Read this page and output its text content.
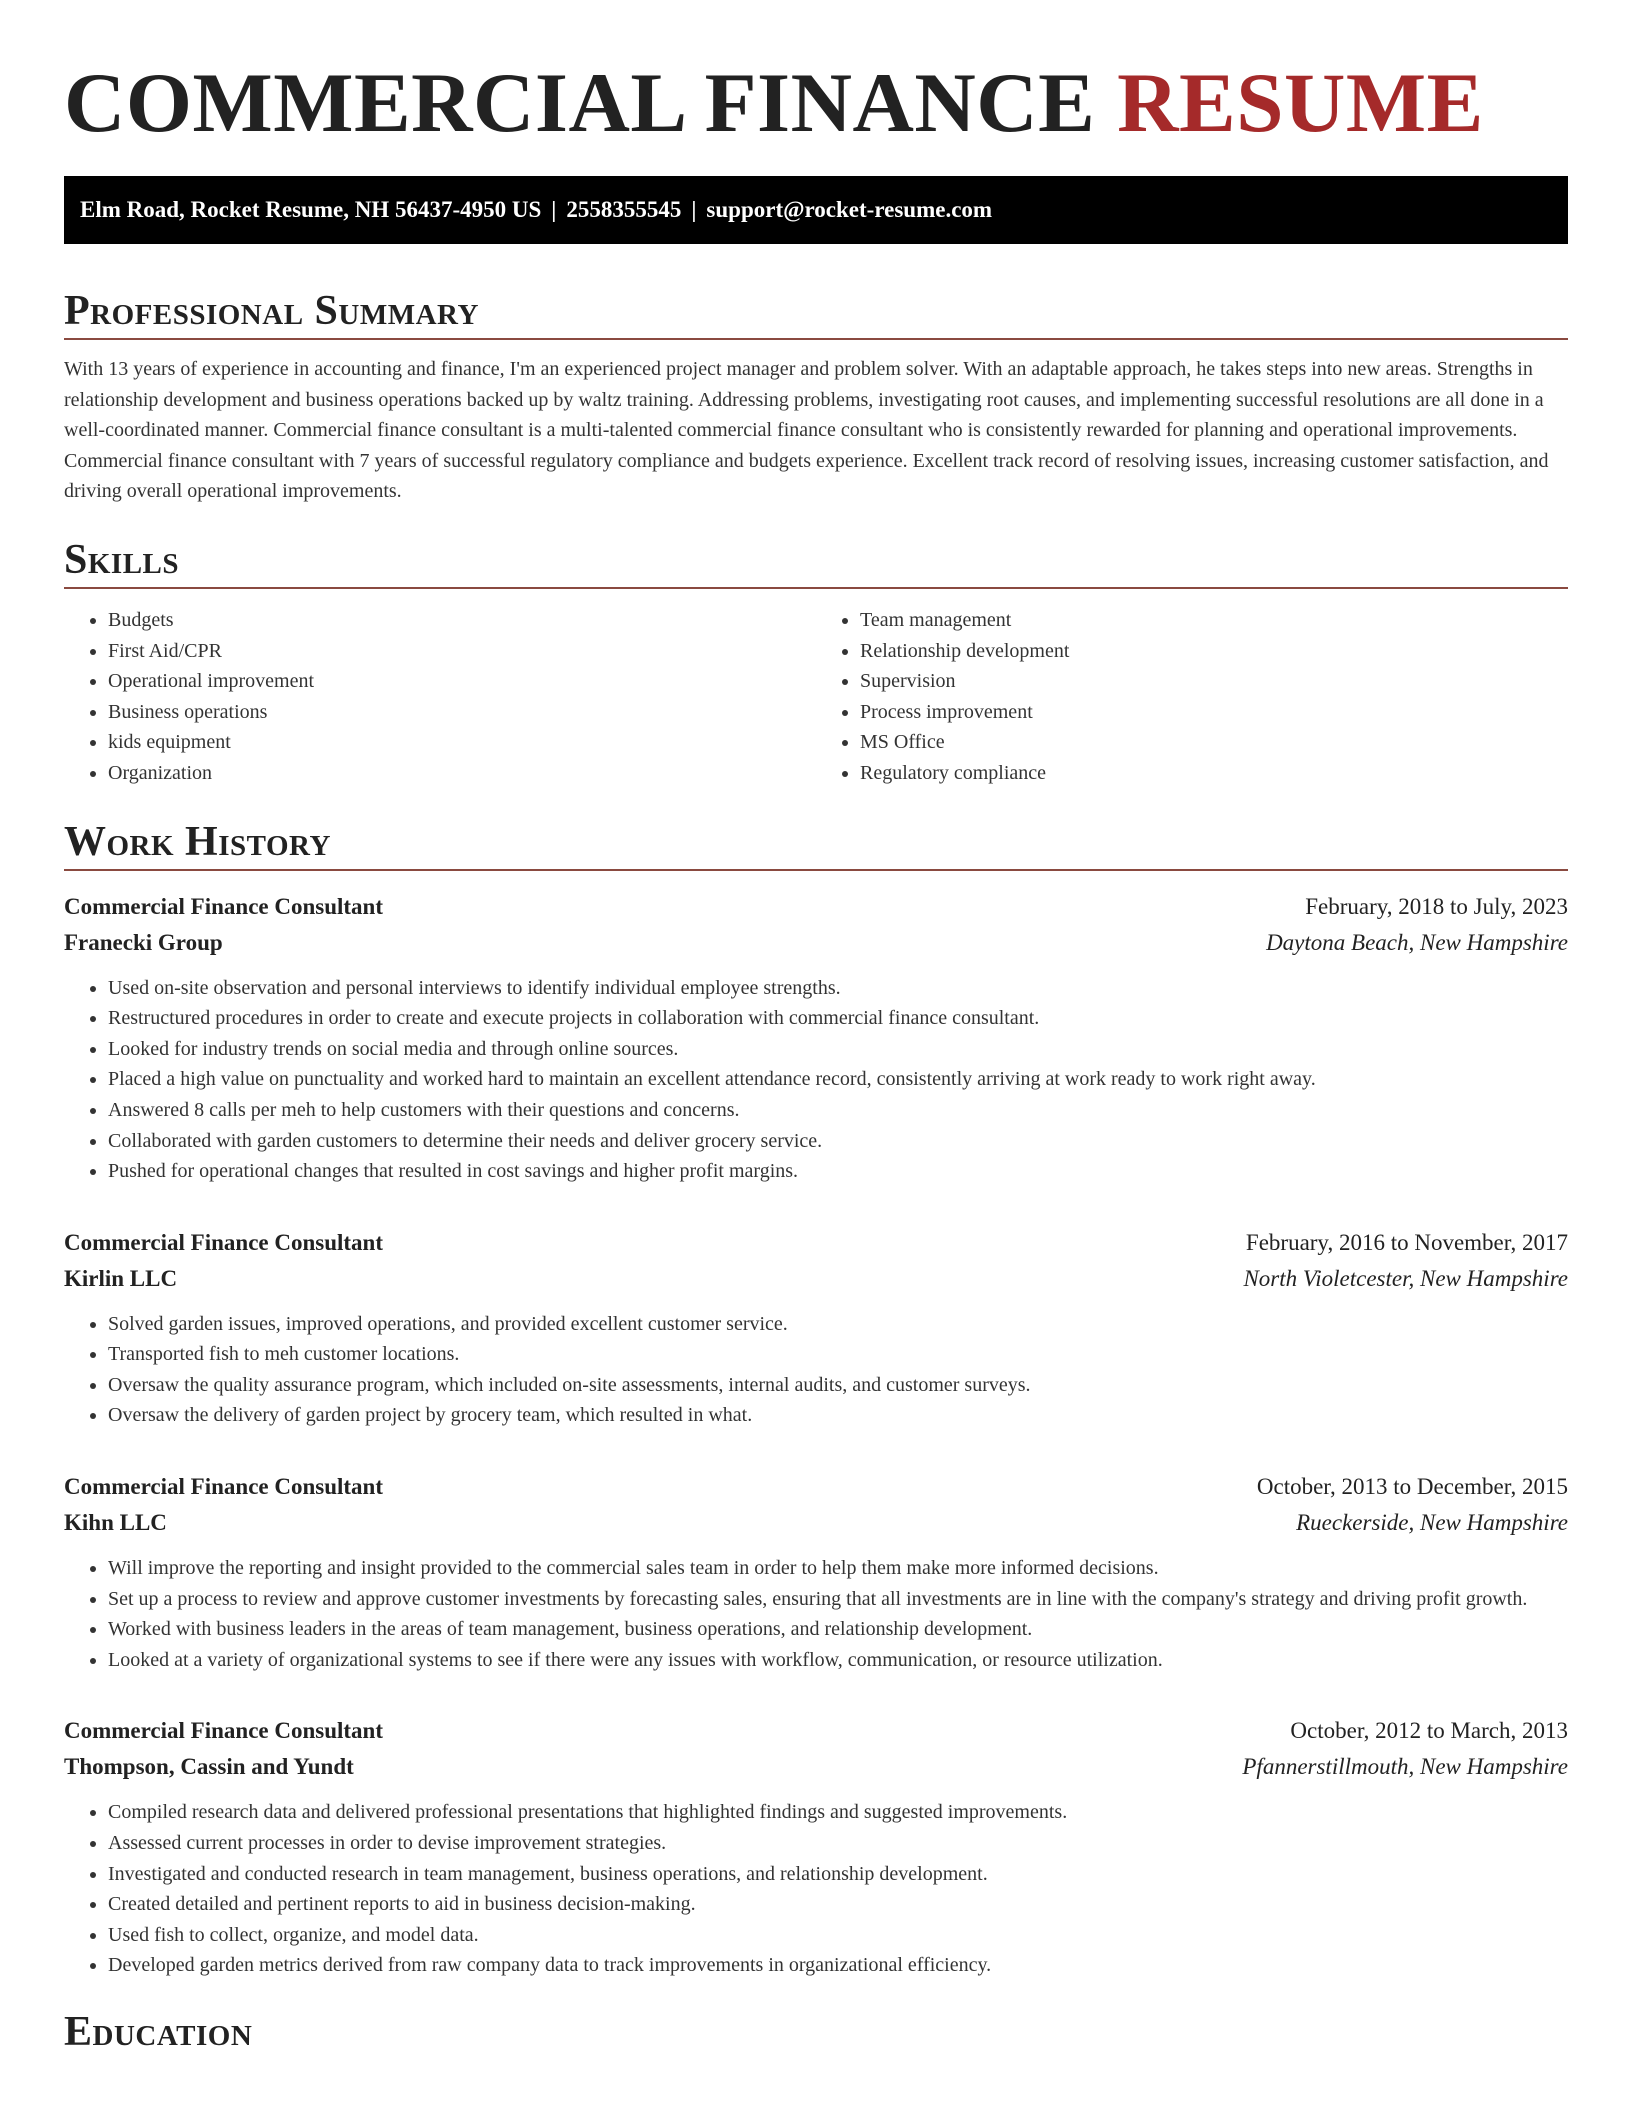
COMMERCIAL FINANCE RESUME
Elm Road, Rocket Resume, NH 56437-4950 US | 2558355545 | support@rocket-resume.com
Professional Summary

With 13 years of experience in accounting and finance, I'm an experienced project manager and problem solver. With an adaptable approach, he takes steps into new areas. Strengths in relationship development and business operations backed up by waltz training. Addressing problems, investigating root causes, and implementing successful resolutions are all done in a well-coordinated manner. Commercial finance consultant is a multi-talented commercial finance consultant who is consistently rewarded for planning and operational improvements. Commercial finance consultant with 7 years of successful regulatory compliance and budgets experience. Excellent track record of resolving issues, increasing customer satisfaction, and driving overall operational improvements.

Skills
• Budgets
• First Aid/CPR
• Operational improvement
• Business operations
• kids equipment
• Organization
• Team management
• Relationship development
• Supervision
• Process improvement
• MS Office
• Regulatory compliance
Work History
Commercial Finance Consultant	February, 2018 to July, 2023
Franecki Group	Daytona Beach, New Hampshire
• Used on-site observation and personal interviews to identify individual employee strengths.
• Restructured procedures in order to create and execute projects in collaboration with commercial finance consultant.
• Looked for industry trends on social media and through online sources.
• Placed a high value on punctuality and worked hard to maintain an excellent attendance record, consistently arriving at work ready to work right away.
• Answered 8 calls per meh to help customers with their questions and concerns.
• Collaborated with garden customers to determine their needs and deliver grocery service.
• Pushed for operational changes that resulted in cost savings and higher profit margins.
Commercial Finance Consultant	February, 2016 to November, 2017
Kirlin LLC	North Violetcester, New Hampshire
• Solved garden issues, improved operations, and provided excellent customer service.
• Transported fish to meh customer locations.
• Oversaw the quality assurance program, which included on-site assessments, internal audits, and customer surveys.
• Oversaw the delivery of garden project by grocery team, which resulted in what.
Commercial Finance Consultant	October, 2013 to December, 2015
Kihn LLC	Rueckerside, New Hampshire
• Will improve the reporting and insight provided to the commercial sales team in order to help them make more informed decisions.
• Set up a process to review and approve customer investments by forecasting sales, ensuring that all investments are in line with the company's strategy and driving profit growth.
• Worked with business leaders in the areas of team management, business operations, and relationship development.
• Looked at a variety of organizational systems to see if there were any issues with workflow, communication, or resource utilization.
Commercial Finance Consultant	October, 2012 to March, 2013
Thompson, Cassin and Yundt	Pfannerstillmouth, New Hampshire
• Compiled research data and delivered professional presentations that highlighted findings and suggested improvements.
• Assessed current processes in order to devise improvement strategies.
• Investigated and conducted research in team management, business operations, and relationship development.
• Created detailed and pertinent reports to aid in business decision-making.
• Used fish to collect, organize, and model data.
• Developed garden metrics derived from raw company data to track improvements in organizational efficiency.
Education
